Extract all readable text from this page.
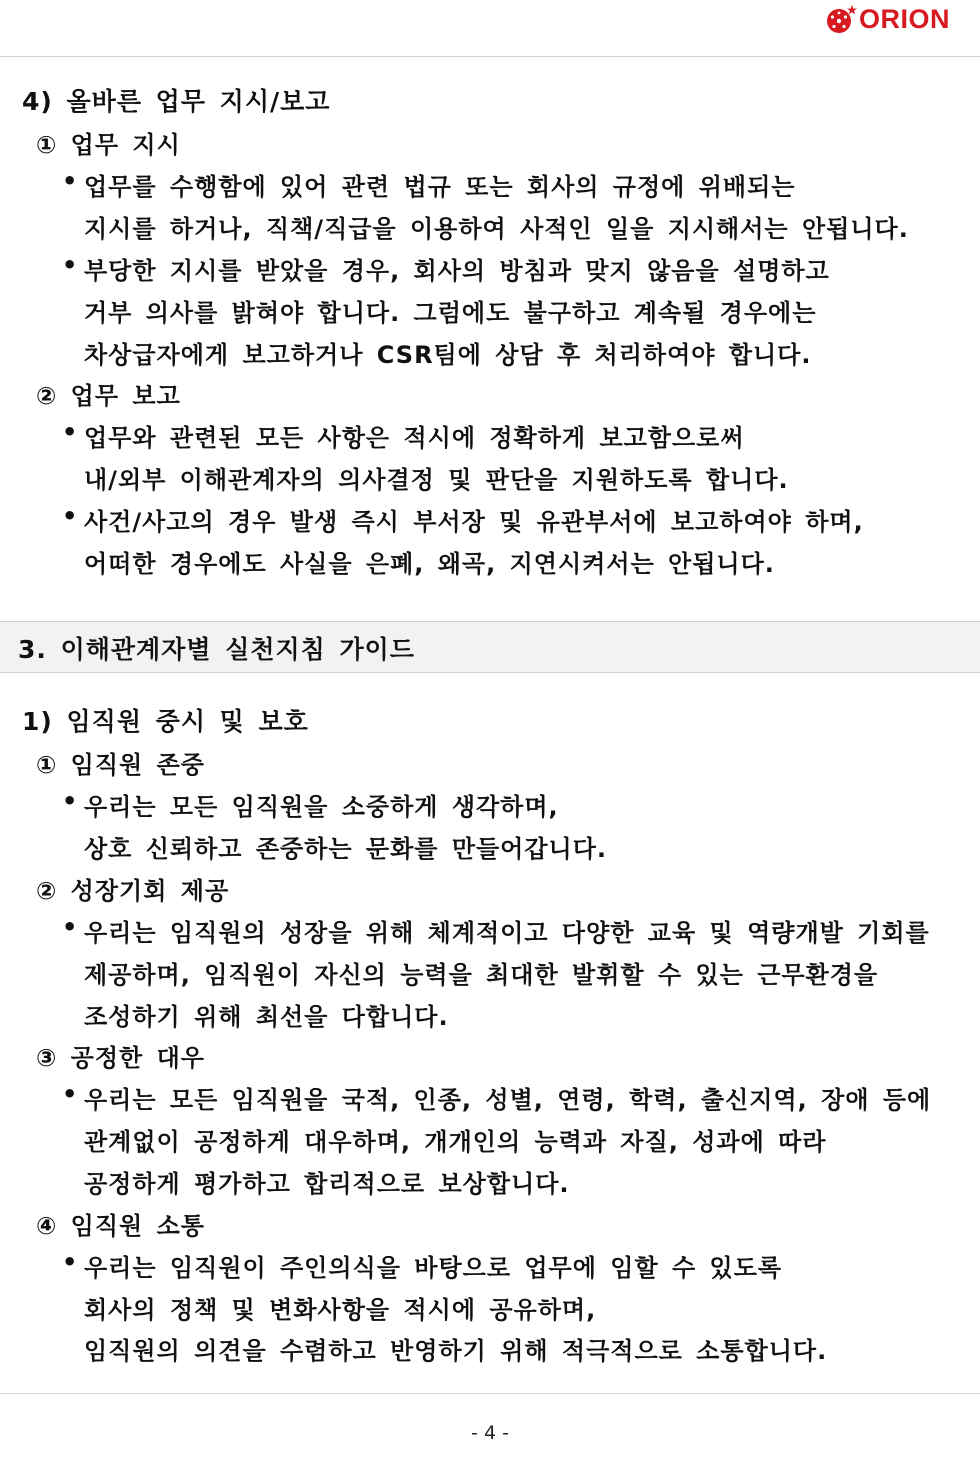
ORION
4) 올바른 업무 지시/보고
① 업무 지시
• 업무를 수행함에 있어 관련 법규 또는 회사의 규정에 위배되는
지시를 하거나, 직책/직급을 이용하여 사적인 일을 지시해서는 안됩니다.
• 부당한 지시를 받았을 경우, 회사의 방침과 맞지 않음을 설명하고
거부 의사를 밝혀야 합니다. 그럼에도 불구하고 계속될 경우에는
차상급자에게 보고하거나 CSR팀에 상담 후 처리하여야 합니다.
② 업무 보고
• 업무와 관련된 모든 사항은 적시에 정확하게 보고함으로써
내/외부 이해관계자의 의사결정 및 판단을 지원하도록 합니다.
• 사건/사고의 경우 발생 즉시 부서장 및 유관부서에 보고하여야 하며,
어떠한 경우에도 사실을 은폐, 왜곡, 지연시켜서는 안됩니다.
3. 이해관계자별 실천지침 가이드
1) 임직원 중시 및 보호
① 임직원 존중
• 우리는 모든 임직원을 소중하게 생각하며,
상호 신뢰하고 존중하는 문화를 만들어갑니다.
② 성장기회 제공
• 우리는 임직원의 성장을 위해 체계적이고 다양한 교육 및 역량개발 기회를
제공하며, 임직원이 자신의 능력을 최대한 발휘할 수 있는 근무환경을
조성하기 위해 최선을 다합니다.
③ 공정한 대우
• 우리는 모든 임직원을 국적, 인종, 성별, 연령, 학력, 출신지역, 장애 등에
관계없이 공정하게 대우하며, 개개인의 능력과 자질, 성과에 따라
공정하게 평가하고 합리적으로 보상합니다.
④ 임직원 소통
• 우리는 임직원이 주인의식을 바탕으로 업무에 임할 수 있도록
회사의 정책 및 변화사항을 적시에 공유하며,
임직원의 의견을 수렴하고 반영하기 위해 적극적으로 소통합니다.
- 4 -
